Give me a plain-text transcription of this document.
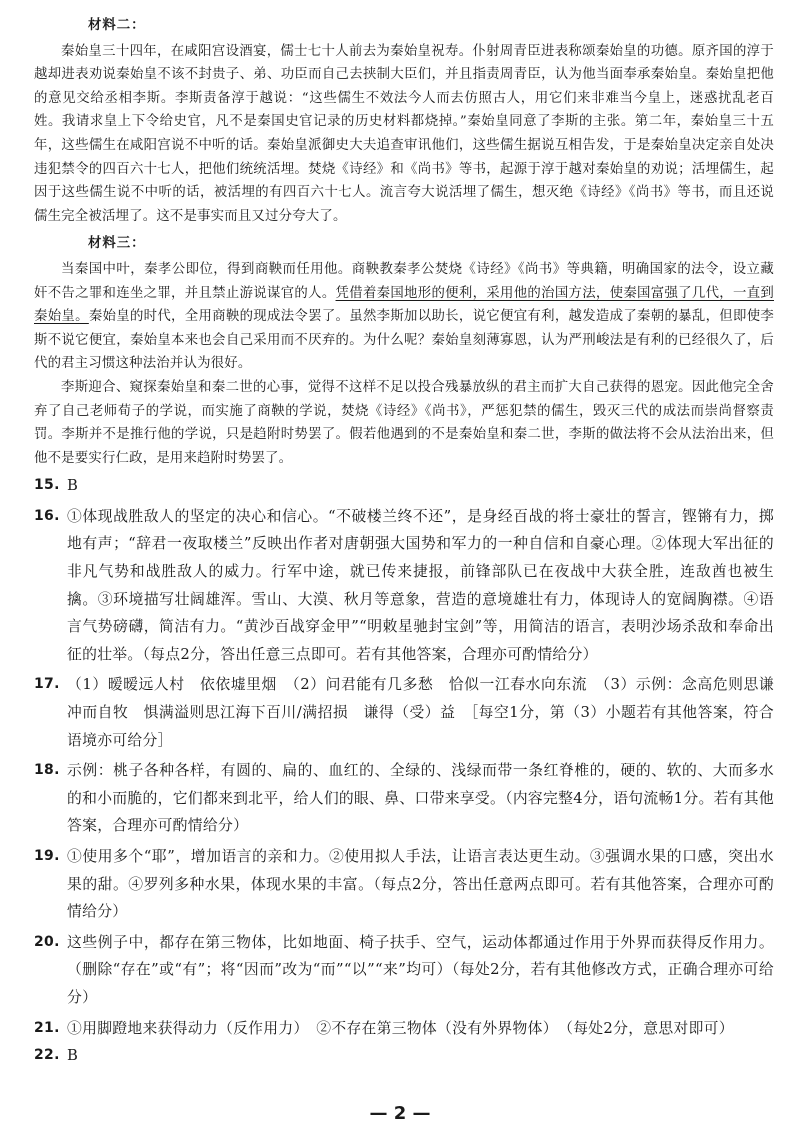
材料二：

秦始皇三十四年，在咸阳宫设酒宴，儒士七十人前去为秦始皇祝寿。仆射周青臣进表称颂秦始皇的功德。原齐国的淳于越却进表劝说秦始皇不该不封贵子、弟、功臣而自己去挟制大臣们，并且指责周青臣，认为他当面奉承秦始皇。秦始皇把他的意见交给丞相李斯。李斯责备淳于越说：“这些儒生不效法今人而去仿照古人，用它们来非难当今皇上，迷惑扰乱老百姓。我请求皇上下令给史官，凡不是秦国史官记录的历史材料都烧掉。”秦始皇同意了李斯的主张。第二年，秦始皇三十五年，这些儒生在咸阳宫说不中听的话。秦始皇派御史大夫追查审讯他们，这些儒生据说互相告发，于是秦始皇决定亲自处决违犯禁令的四百六十七人，把他们统统活埋。焚烧《诗经》和《尚书》等书，起源于淳于越对秦始皇的劝说；活埋儒生，起因于这些儒生说不中听的话，被活埋的有四百六十七人。流言夸大说活埋了儒生，想灭绝《诗经》《尚书》等书，而且还说儒生完全被活埋了。这不是事实而且又过分夸大了。

材料三：

当秦国中叶，秦孝公即位，得到商鞅而任用他。商鞅教秦孝公焚烧《诗经》《尚书》等典籍，明确国家的法令，设立藏奸不告之罪和连坐之罪，并且禁止游说谋官的人。凭借着秦国地形的便利，采用他的治国方法，使秦国富强了几代，一直到秦始皇。秦始皇的时代，全用商鞅的现成法令罢了。虽然李斯加以助长，说它便宜有利，越发造成了秦朝的暴乱，但即使李斯不说它便宜，秦始皇本来也会自己采用而不厌弃的。为什么呢？秦始皇刻薄寡恩，认为严刑峻法是有利的已经很久了，后代的君主习惯这种法治并认为很好。

李斯迎合、窥探秦始皇和秦二世的心事，觉得不这样不足以投合残暴放纵的君主而扩大自己获得的恩宠。因此他完全舍弃了自己老师荀子的学说，而实施了商鞅的学说，焚烧《诗经》《尚书》，严惩犯禁的儒生，毁灭三代的成法而崇尚督察责罚。李斯并不是推行他的学说，只是趋附时势罢了。假若他遇到的不是秦始皇和秦二世，李斯的做法将不会从法治出来，但他不是要实行仁政，是用来趋附时势罢了。

15. B
16. ①体现战胜敌人的坚定的决心和信心。“不破楼兰终不还”，是身经百战的将士豪壮的誓言，铿锵有力，掷地有声；“辞君一夜取楼兰”反映出作者对唐朝强大国势和军力的一种自信和自豪心理。②体现大军出征的非凡气势和战胜敌人的威力。行军中途，就已传来捷报，前锋部队已在夜战中大获全胜，连敌酋也被生擒。③环境描写壮阔雄浑。雪山、大漠、秋月等意象，营造的意境雄壮有力，体现诗人的宽阔胸襟。④语言气势磅礴，简洁有力。“黄沙百战穿金甲”“明敕星驰封宝剑”等，用简洁的语言，表明沙场杀敌和奉命出征的壮举。（每点2分，答出任意三点即可。若有其他答案，合理亦可酌情给分）
17. （1）暧暧远人村　依依墟里烟　（2）问君能有几多愁　恰似一江春水向东流　（3）示例：念高危则思谦冲而自牧　惧满溢则思江海下百川/满招损　谦得（受）益　［每空1分，第（3）小题若有其他答案，符合语境亦可给分］
18. 示例：桃子各种各样，有圆的、扁的、血红的、全绿的、浅绿而带一条红脊椎的，硬的、软的、大而多水的和小而脆的，它们都来到北平，给人们的眼、鼻、口带来享受。（内容完整4分，语句流畅1分。若有其他答案，合理亦可酌情给分）
19. ①使用多个“耶”，增加语言的亲和力。②使用拟人手法，让语言表达更生动。③强调水果的口感，突出水果的甜。④罗列多种水果，体现水果的丰富。（每点2分，答出任意两点即可。若有其他答案，合理亦可酌情给分）
20. 这些例子中，都存在第三物体，比如地面、椅子扶手、空气，运动体都通过作用于外界而获得反作用力。（删除“存在”或“有”；将“因而”改为“而”“以”“来”均可）（每处2分，若有其他修改方式，正确合理亦可给分）
21. ①用脚蹬地来获得动力（反作用力）　②不存在第三物体（没有外界物体）　（每处2分，意思对即可）
22. B
— 2 —
